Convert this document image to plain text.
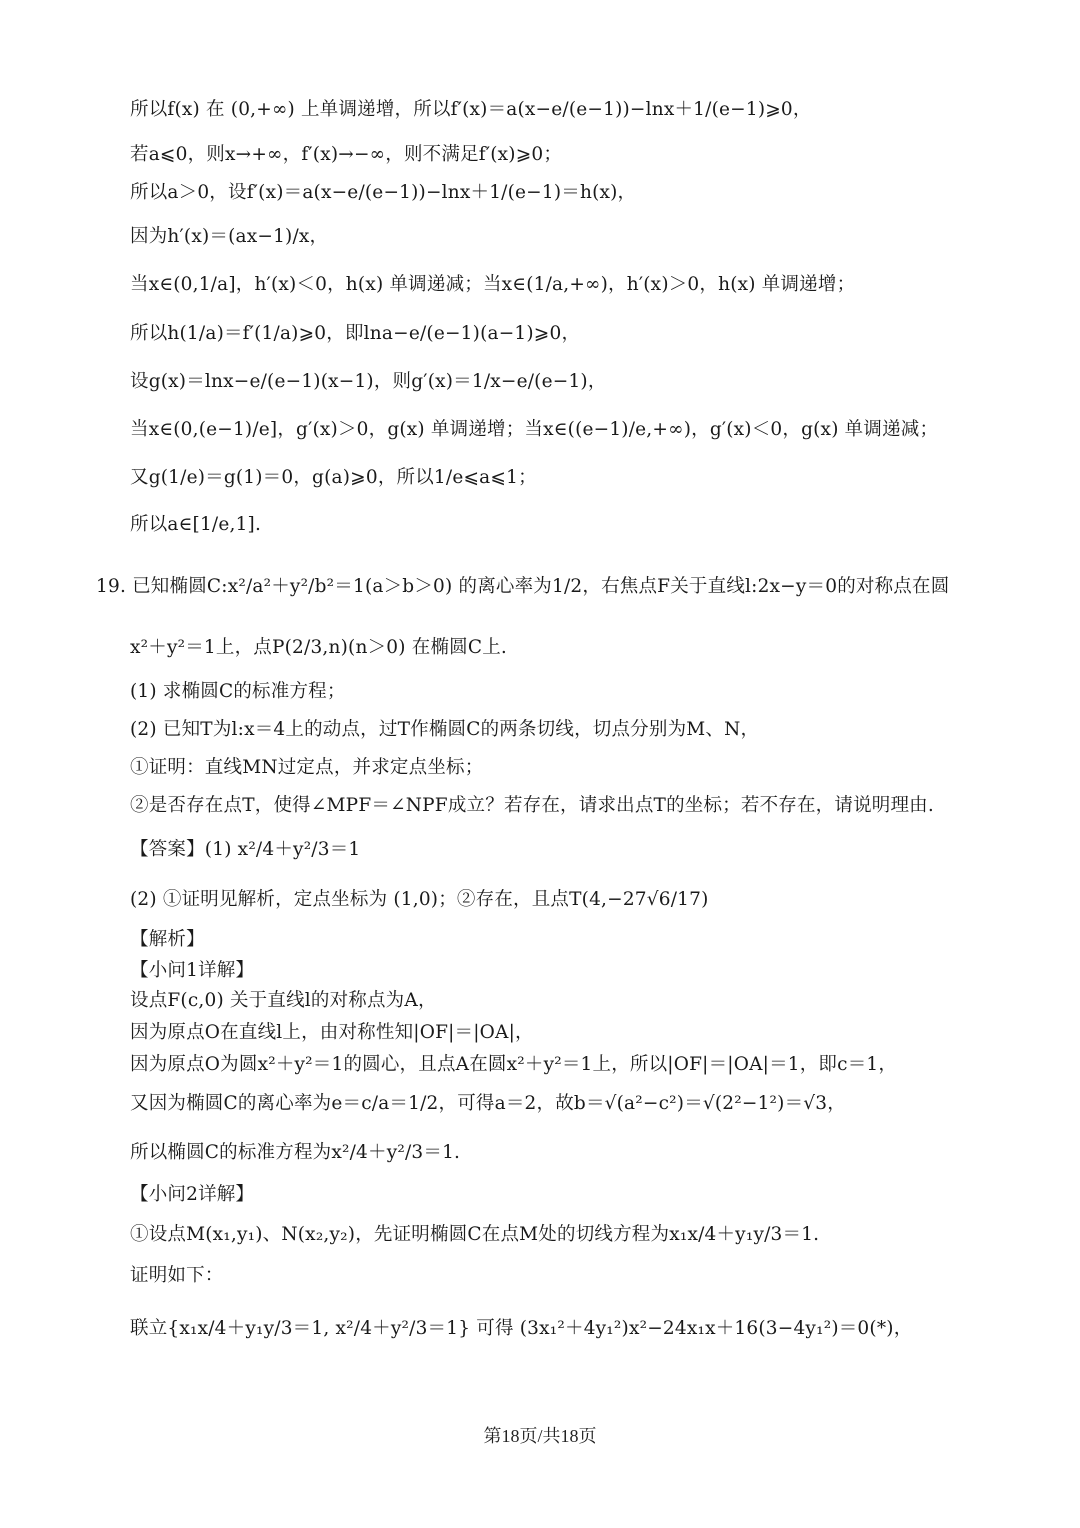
所以f(x) 在 (0,+∞) 上单调递增，所以f′(x)＝a(x−e/(e−1))−lnx＋1/(e−1)⩾0，
若a⩽0，则x→+∞，f′(x)→−∞，则不满足f′(x)⩾0；
所以a＞0，设f′(x)＝a(x−e/(e−1))−lnx＋1/(e−1)＝h(x)，
因为h′(x)＝(ax−1)/x，
当x∈(0,1/a]，h′(x)＜0，h(x) 单调递减；当x∈(1/a,+∞)，h′(x)＞0，h(x) 单调递增；
所以h(1/a)＝f′(1/a)⩾0，即lna−e/(e−1)(a−1)⩾0，
设g(x)＝lnx−e/(e−1)(x−1)，则g′(x)＝1/x−e/(e−1)，
当x∈(0,(e−1)/e]，g′(x)＞0，g(x) 单调递增；当x∈((e−1)/e,+∞)，g′(x)＜0，g(x) 单调递减；
又g(1/e)＝g(1)＝0，g(a)⩾0，所以1/e⩽a⩽1；
所以a∈[1/e,1].
19. 已知椭圆C:x²/a²＋y²/b²＝1(a＞b＞0) 的离心率为1/2，右焦点F关于直线l:2x−y＝0的对称点在圆
x²＋y²＝1上，点P(2/3,n)(n＞0) 在椭圆C上.
(1) 求椭圆C的标准方程；
(2) 已知T为l:x＝4上的动点，过T作椭圆C的两条切线，切点分别为M、N，
①证明：直线MN过定点，并求定点坐标；
②是否存在点T，使得∠MPF＝∠NPF成立？若存在，请求出点T的坐标；若不存在，请说明理由.
【答案】(1) x²/4＋y²/3＝1
(2) ①证明见解析，定点坐标为 (1,0)；②存在，且点T(4,−27√6/17)
【解析】
【小问1详解】
设点F(c,0) 关于直线l的对称点为A，
因为原点O在直线l上，由对称性知|OF|＝|OA|，
因为原点O为圆x²＋y²＝1的圆心，且点A在圆x²＋y²＝1上，所以|OF|＝|OA|＝1，即c＝1，
又因为椭圆C的离心率为e＝c/a＝1/2，可得a＝2，故b＝√(a²−c²)＝√(2²−1²)＝√3，
所以椭圆C的标准方程为x²/4＋y²/3＝1.
【小问2详解】
①设点M(x₁,y₁)、N(x₂,y₂)，先证明椭圆C在点M处的切线方程为x₁x/4＋y₁y/3＝1.
证明如下：
联立{x₁x/4＋y₁y/3＝1, x²/4＋y²/3＝1} 可得 (3x₁²＋4y₁²)x²−24x₁x＋16(3−4y₁²)＝0(*)，
第18页/共18页
